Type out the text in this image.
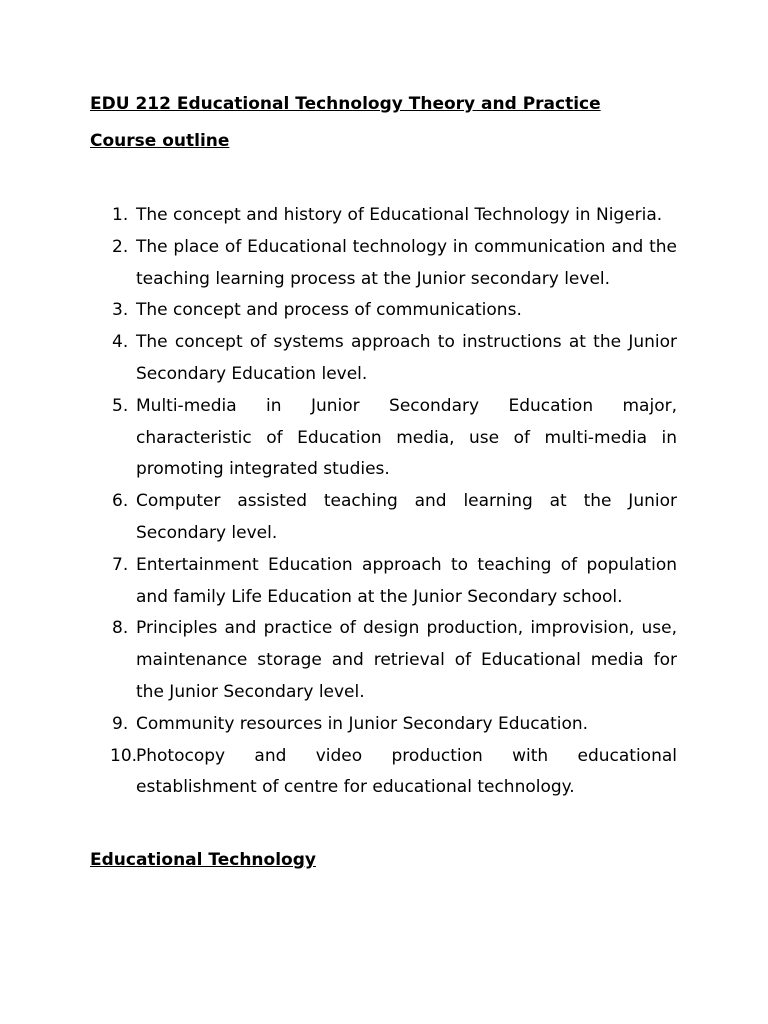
EDU 212 Educational Technology Theory and Practice
Course outline
1. The concept and history of Educational Technology in Nigeria.
2. The place of Educational technology in communication and the teaching learning process at the Junior secondary level.
3. The concept and process of communications.
4. The concept of systems approach to instructions at the Junior Secondary Education level.
5. Multi-media in Junior Secondary Education major, characteristic of Education media, use of multi-media in promoting integrated studies.
6. Computer assisted teaching and learning at the Junior Secondary level.
7. Entertainment Education approach to teaching of population and family Life Education at the Junior Secondary school.
8. Principles and practice of design production, improvision, use, maintenance storage and retrieval of Educational media for the Junior Secondary level.
9. Community resources in Junior Secondary Education.
10.
Photocopy and video production with educational establishment of centre for educational technology.
Educational Technology
